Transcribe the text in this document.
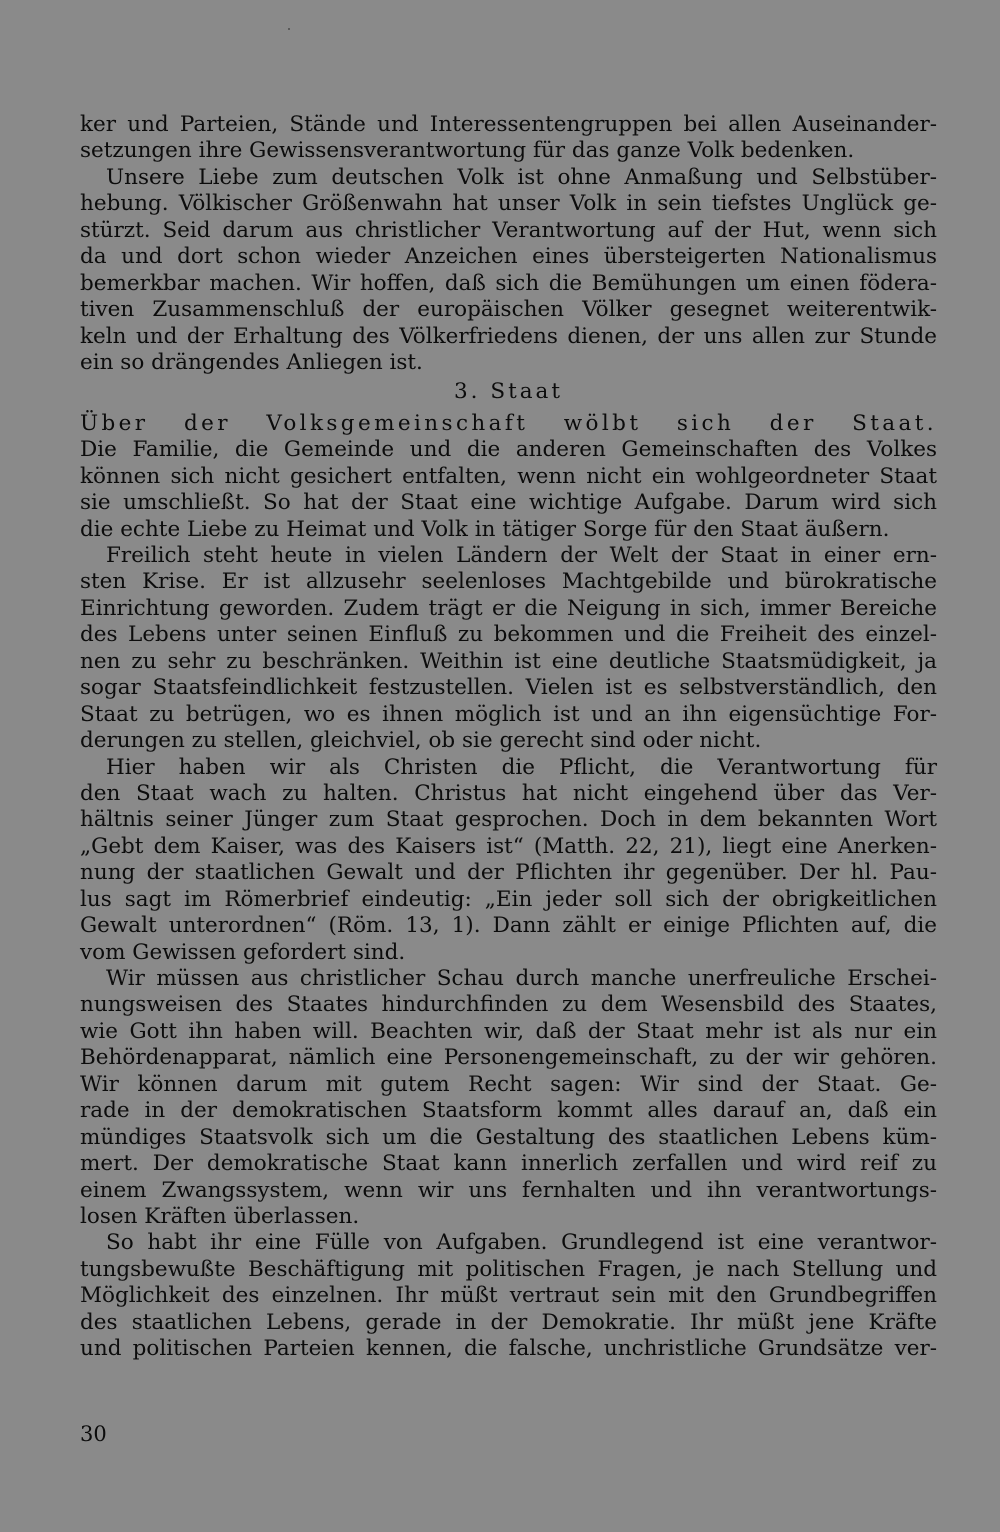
ker und Parteien, Stände und Interessentengruppen bei allen Auseinander-
setzungen ihre Gewissensverantwortung für das ganze Volk bedenken.
Unsere Liebe zum deutschen Volk ist ohne Anmaßung und Selbstüber-
hebung. Völkischer Größenwahn hat unser Volk in sein tiefstes Unglück ge-
stürzt. Seid darum aus christlicher Verantwortung auf der Hut, wenn sich
da und dort schon wieder Anzeichen eines übersteigerten Nationalismus
bemerkbar machen. Wir hoffen, daß sich die Bemühungen um einen födera-
tiven Zusammenschluß der europäischen Völker gesegnet weiterentwik-
keln und der Erhaltung des Völkerfriedens dienen, der uns allen zur Stunde
ein so drängendes Anliegen ist.
3. Staat
Über der Volksgemeinschaft wölbt sich der Staat.
Die Familie, die Gemeinde und die anderen Gemeinschaften des Volkes
können sich nicht gesichert entfalten, wenn nicht ein wohlgeordneter Staat
sie umschließt. So hat der Staat eine wichtige Aufgabe. Darum wird sich
die echte Liebe zu Heimat und Volk in tätiger Sorge für den Staat äußern.
Freilich steht heute in vielen Ländern der Welt der Staat in einer ern-
sten Krise. Er ist allzusehr seelenloses Machtgebilde und bürokratische
Einrichtung geworden. Zudem trägt er die Neigung in sich, immer Bereiche
des Lebens unter seinen Einfluß zu bekommen und die Freiheit des einzel-
nen zu sehr zu beschränken. Weithin ist eine deutliche Staatsmüdigkeit, ja
sogar Staatsfeindlichkeit festzustellen. Vielen ist es selbstverständlich, den
Staat zu betrügen, wo es ihnen möglich ist und an ihn eigensüchtige For-
derungen zu stellen, gleichviel, ob sie gerecht sind oder nicht.
Hier haben wir als Christen die Pflicht, die Verantwortung für
den Staat wach zu halten. Christus hat nicht eingehend über das Ver-
hältnis seiner Jünger zum Staat gesprochen. Doch in dem bekannten Wort
„Gebt dem Kaiser, was des Kaisers ist“ (Matth. 22, 21), liegt eine Anerken-
nung der staatlichen Gewalt und der Pflichten ihr gegenüber. Der hl. Pau-
lus sagt im Römerbrief eindeutig: „Ein jeder soll sich der obrigkeitlichen
Gewalt unterordnen“ (Röm. 13, 1). Dann zählt er einige Pflichten auf, die
vom Gewissen gefordert sind.
Wir müssen aus christlicher Schau durch manche unerfreuliche Erschei-
nungsweisen des Staates hindurchfinden zu dem Wesensbild des Staates,
wie Gott ihn haben will. Beachten wir, daß der Staat mehr ist als nur ein
Behördenapparat, nämlich eine Personengemeinschaft, zu der wir gehören.
Wir können darum mit gutem Recht sagen: Wir sind der Staat. Ge-
rade in der demokratischen Staatsform kommt alles darauf an, daß ein
mündiges Staatsvolk sich um die Gestaltung des staatlichen Lebens küm-
mert. Der demokratische Staat kann innerlich zerfallen und wird reif zu
einem Zwangssystem, wenn wir uns fernhalten und ihn verantwortungs-
losen Kräften überlassen.
So habt ihr eine Fülle von Aufgaben. Grundlegend ist eine verantwor-
tungsbewußte Beschäftigung mit politischen Fragen, je nach Stellung und
Möglichkeit des einzelnen. Ihr müßt vertraut sein mit den Grundbegriffen
des staatlichen Lebens, gerade in der Demokratie. Ihr müßt jene Kräfte
und politischen Parteien kennen, die falsche, unchristliche Grundsätze ver-
30
